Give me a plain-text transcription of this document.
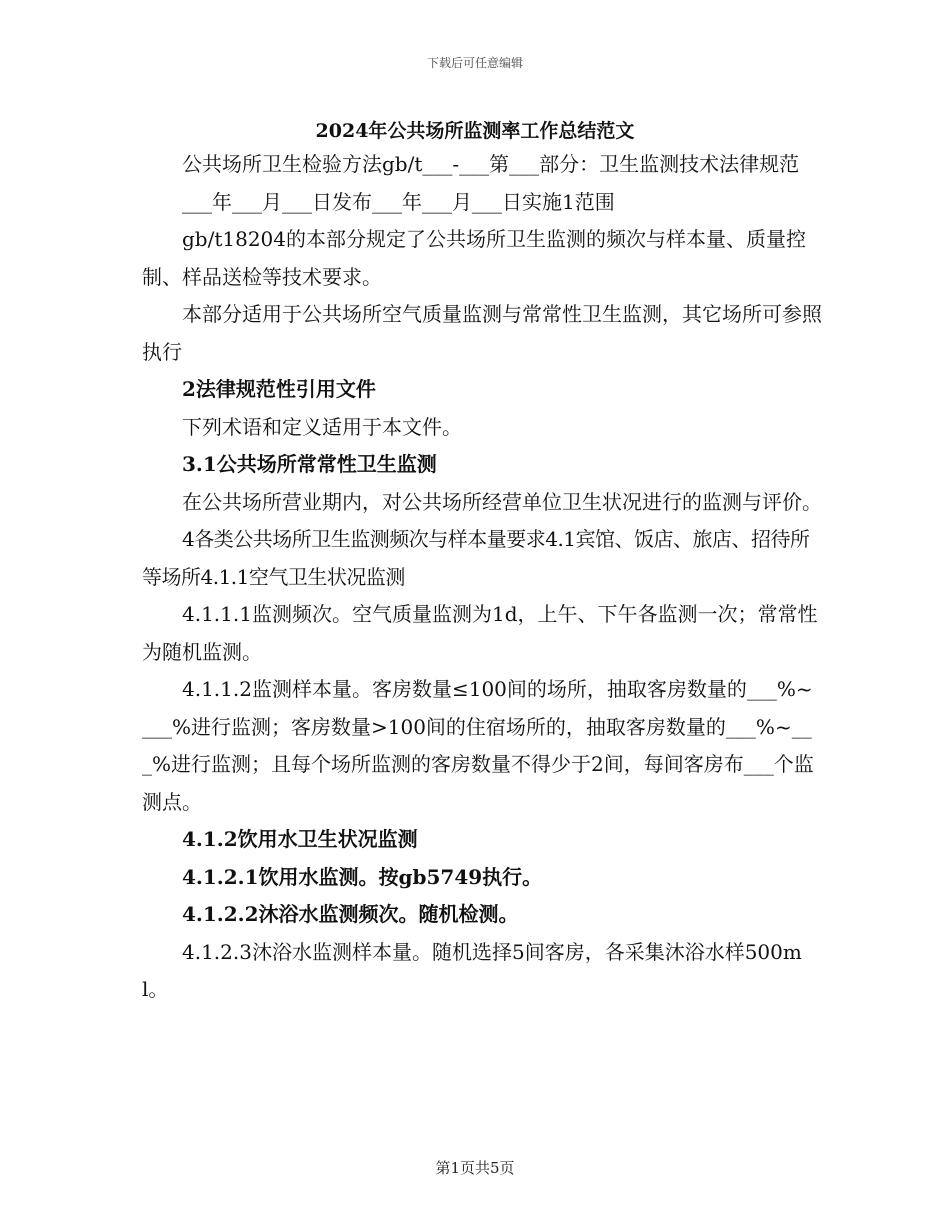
下载后可任意编辑
2024年公共场所监测率工作总结范文

公共场所卫生检验方法gb/t___-___第___部分：卫生监测技术法律规范

___年___月___日发布___年___月___日实施1范围

gb/t18204的本部分规定了公共场所卫生监测的频次与样本量、质量控制、样品送检等技术要求。

本部分适用于公共场所空气质量监测与常常性卫生监测，其它场所可参照执行

2法律规范性引用文件

下列术语和定义适用于本文件。

3.1公共场所常常性卫生监测

在公共场所营业期内，对公共场所经营单位卫生状况进行的监测与评价。

4各类公共场所卫生监测频次与样本量要求4.1宾馆、饭店、旅店、招待所等场所4.1.1空气卫生状况监测

4.1.1.1监测频次。空气质量监测为1d，上午、下午各监测一次；常常性为随机监测。

4.1.1.2监测样本量。客房数量≤100间的场所，抽取客房数量的___%~___%进行监测；客房数量>100间的住宿场所的，抽取客房数量的___%~___%进行监测；且每个场所监测的客房数量不得少于2间，每间客房布___个监测点。

4.1.2饮用水卫生状况监测

4.1.2.1饮用水监测。按gb5749执行。

4.1.2.2沐浴水监测频次。随机检测。

4.1.2.3沐浴水监测样本量。随机选择5间客房，各采集沐浴水样500ml。

第1页共5页
